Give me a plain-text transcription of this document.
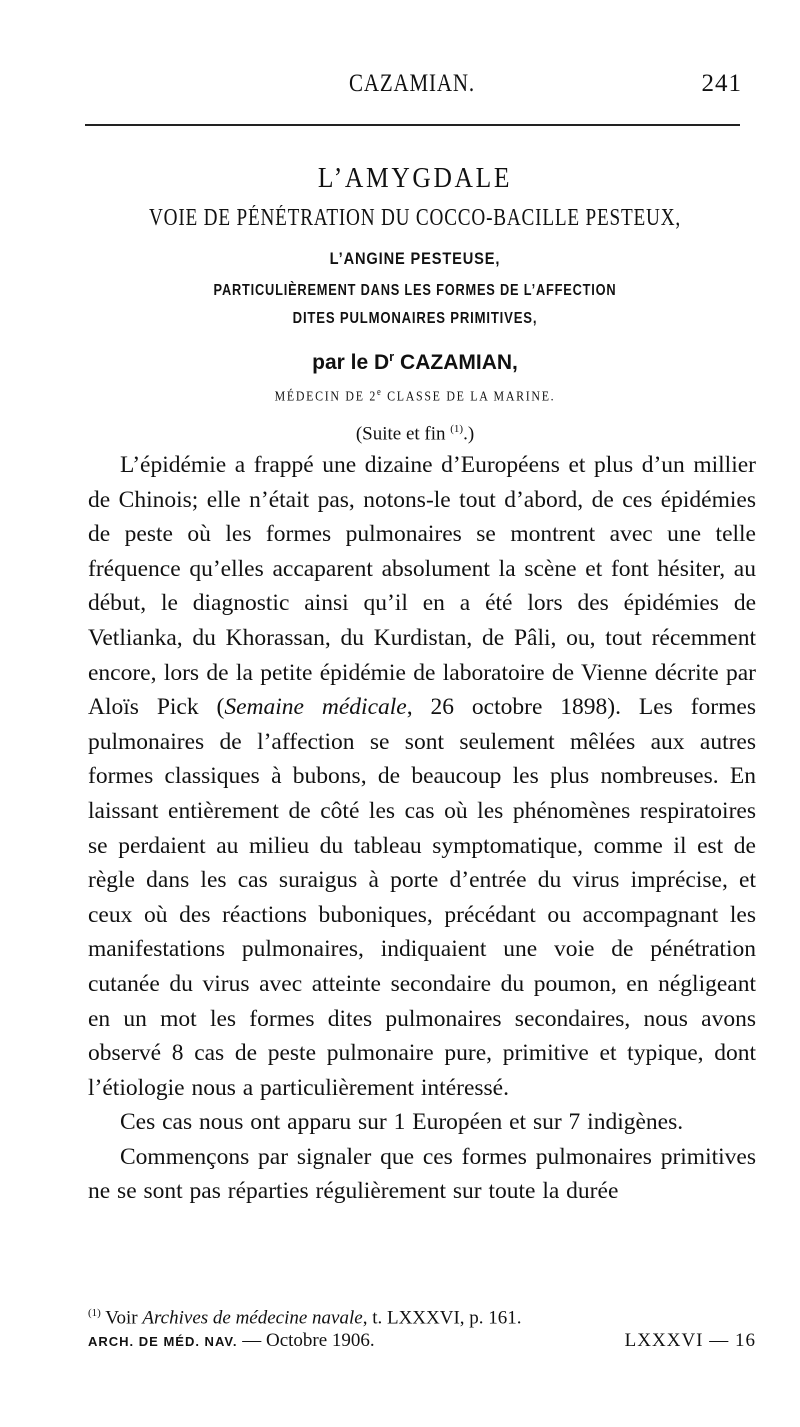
CAZAMIAN.	241

L’AMYGDALE

VOIE DE PÉNÉTRATION DU COCCO-BACILLE PESTEUX,

L’ANGINE PESTEUSE,

PARTICULIÈREMENT DANS LES FORMES DE L’AFFECTION

DITES PULMONAIRES PRIMITIVES,

par le $D^r$ CAZAMIAN,

MÉDECIN DE 2e CLASSE DE LA MARINE.

(Suite et fin $^{(1)}$.)

L’épidémie a frappé une dizaine d’Européens et plus d’un millier de Chinois; elle n’était pas, notons-le tout d’abord, de ces épidémies de peste où les formes pulmonaires se montrent avec une telle fréquence qu’elles accaparent absolument la scène et font hésiter, au début, le diagnostic ainsi qu’il en a été lors des épidémies de Vetlianka, du Khorassan, du Kurdistan, de Pâli, ou, tout récemment encore, lors de la petite épidémie de laboratoire de Vienne décrite par Aloïs Pick (Semaine médicale, 26 octobre 1898). Les formes pulmonaires de l’affection se sont seulement mêlées aux autres formes classiques à bubons, de beaucoup les plus nombreuses. En laissant entièrement de côté les cas où les phénomènes respiratoires se perdaient au milieu du tableau symptomatique, comme il est de règle dans les cas suraigus à porte d’entrée du virus imprécise, et ceux où des réactions buboniques, précédant ou accompagnant les manifestations pulmonaires, indiquaient une voie de pénétration cutanée du virus avec atteinte secondaire du poumon, en négligeant en un mot les formes dites pulmonaires secondaires, nous avons observé 8 cas de peste pulmonaire pure, primitive et typique, dont l’étiologie nous a particulièrement intéressé.

Ces cas nous ont apparu sur 1 Européen et sur 7 indigènes.

Commençons par signaler que ces formes pulmonaires primitives ne se sont pas réparties régulièrement sur toute la durée

$^{(1)}$ Voir Archives de médecine navale, t. LXXXVI, p. 161.
ARCH. DE MÉD. NAV. — Octobre 1906.	LXXXVI — 16
